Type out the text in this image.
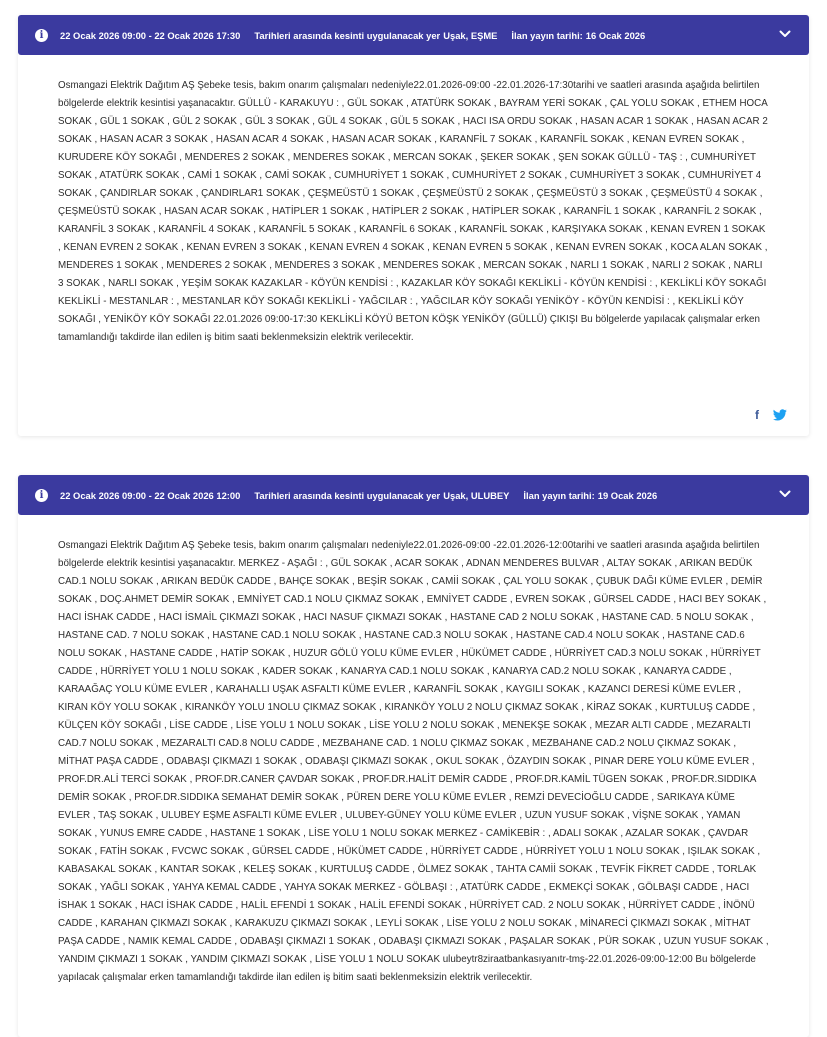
i	22 Ocak 2026 09:00 - 22 Ocak 2026 17:30 Tarihleri arasında kesinti uygulanacak yer Uşak, EŞME İlan yayın tarihi: 16 Ocak 2026
Osmangazi Elektrik Dağıtım AŞ Şebeke tesis, bakım onarım çalışmaları nedeniyle22.01.2026-09:00 -22.01.2026-17:30tarihi ve saatleri arasında aşağıda belirtilen bölgelerde elektrik kesintisi yaşanacaktır. GÜLLÜ - KARAKUYU : , GÜL SOKAK , ATATÜRK SOKAK , BAYRAM YERİ SOKAK , ÇAL YOLU SOKAK , ETHEM HOCA SOKAK , GÜL 1 SOKAK , GÜL 2 SOKAK , GÜL 3 SOKAK , GÜL 4 SOKAK , GÜL 5 SOKAK , HACI ISA ORDU SOKAK , HASAN ACAR 1 SOKAK , HASAN ACAR 2 SOKAK , HASAN ACAR 3 SOKAK , HASAN ACAR 4 SOKAK , HASAN ACAR SOKAK , KARANFİL 7 SOKAK , KARANFİL SOKAK , KENAN EVREN SOKAK , KURUDERE KÖY SOKAĞI , MENDERES 2 SOKAK , MENDERES SOKAK , MERCAN SOKAK , ŞEKER SOKAK , ŞEN SOKAK GÜLLÜ - TAŞ : , CUMHURİYET SOKAK , ATATÜRK SOKAK , CAMİ 1 SOKAK , CAMİ SOKAK , CUMHURİYET 1 SOKAK , CUMHURİYET 2 SOKAK , CUMHURİYET 3 SOKAK , CUMHURİYET 4 SOKAK , ÇANDIRLAR SOKAK , ÇANDIRLAR1 SOKAK , ÇEŞMEÜSTÜ 1 SOKAK , ÇEŞMEÜSTÜ 2 SOKAK , ÇEŞMEÜSTÜ 3 SOKAK , ÇEŞMEÜSTÜ 4 SOKAK , ÇEŞMEÜSTÜ SOKAK , HASAN ACAR SOKAK , HATİPLER 1 SOKAK , HATİPLER 2 SOKAK , HATİPLER SOKAK , KARANFİL 1 SOKAK , KARANFİL 2 SOKAK , KARANFİL 3 SOKAK , KARANFİL 4 SOKAK , KARANFİL 5 SOKAK , KARANFİL 6 SOKAK , KARANFİL SOKAK , KARŞIYAKA SOKAK , KENAN EVREN 1 SOKAK , KENAN EVREN 2 SOKAK , KENAN EVREN 3 SOKAK , KENAN EVREN 4 SOKAK , KENAN EVREN 5 SOKAK , KENAN EVREN SOKAK , KOCA ALAN SOKAK , MENDERES 1 SOKAK , MENDERES 2 SOKAK , MENDERES 3 SOKAK , MENDERES SOKAK , MERCAN SOKAK , NARLI 1 SOKAK , NARLI 2 SOKAK , NARLI 3 SOKAK , NARLI SOKAK , YEŞİM SOKAK KAZAKLAR - KÖYÜN KENDİSİ : , KAZAKLAR KÖY SOKAĞI KEKLİKLİ - KÖYÜN KENDİSİ : , KEKLİKLİ KÖY SOKAĞI KEKLİKLİ - MESTANLAR : , MESTANLAR KÖY SOKAĞI KEKLİKLİ - YAĞCILAR : , YAĞCILAR KÖY SOKAĞI YENİKÖY - KÖYÜN KENDİSİ : , KEKLİKLİ KÖY SOKAĞI , YENİKÖY KÖY SOKAĞI 22.01.2026 09:00-17:30 KEKLİKLİ KÖYÜ BETON KÖŞK YENİKÖY (GÜLLÜ) ÇIKIŞI Bu bölgelerde yapılacak çalışmalar erken tamamlandığı takdirde ilan edilen iş bitim saati beklenmeksizin elektrik verilecektir.
f
i	22 Ocak 2026 09:00 - 22 Ocak 2026 12:00 Tarihleri arasında kesinti uygulanacak yer Uşak, ULUBEY İlan yayın tarihi: 19 Ocak 2026
Osmangazi Elektrik Dağıtım AŞ Şebeke tesis, bakım onarım çalışmaları nedeniyle22.01.2026-09:00 -22.01.2026-12:00tarihi ve saatleri arasında aşağıda belirtilen bölgelerde elektrik kesintisi yaşanacaktır. MERKEZ - AŞAĞI : , GÜL SOKAK , ACAR SOKAK , ADNAN MENDERES BULVAR , ALTAY SOKAK , ARIKAN BEDÜK CAD.1 NOLU SOKAK , ARIKAN BEDÜK CADDE , BAHÇE SOKAK , BEŞİR SOKAK , CAMİİ SOKAK , ÇAL YOLU SOKAK , ÇUBUK DAĞI KÜME EVLER , DEMİR SOKAK , DOÇ.AHMET DEMİR SOKAK , EMNİYET CAD.1 NOLU ÇIKMAZ SOKAK , EMNİYET CADDE , EVREN SOKAK , GÜRSEL CADDE , HACI BEY SOKAK , HACI İSHAK CADDE , HACI İSMAİL ÇIKMAZI SOKAK , HACI NASUF ÇIKMAZI SOKAK , HASTANE CAD 2 NOLU SOKAK , HASTANE CAD. 5 NOLU SOKAK , HASTANE CAD. 7 NOLU SOKAK , HASTANE CAD.1 NOLU SOKAK , HASTANE CAD.3 NOLU SOKAK , HASTANE CAD.4 NOLU SOKAK , HASTANE CAD.6 NOLU SOKAK , HASTANE CADDE , HATİP SOKAK , HUZUR GÖLÜ YOLU KÜME EVLER , HÜKÜMET CADDE , HÜRRİYET CAD.3 NOLU SOKAK , HÜRRİYET CADDE , HÜRRİYET YOLU 1 NOLU SOKAK , KADER SOKAK , KANARYA CAD.1 NOLU SOKAK , KANARYA CAD.2 NOLU SOKAK , KANARYA CADDE , KARAAĞAÇ YOLU KÜME EVLER , KARAHALLI UŞAK ASFALTI KÜME EVLER , KARANFİL SOKAK , KAYGILI SOKAK , KAZANCI DERESİ KÜME EVLER , KIRAN KÖY YOLU SOKAK , KIRANKÖY YOLU 1NOLU ÇIKMAZ SOKAK , KIRANKÖY YOLU 2 NOLU ÇIKMAZ SOKAK , KİRAZ SOKAK , KURTULUŞ CADDE , KÜLÇEN KÖY SOKAĞI , LİSE CADDE , LİSE YOLU 1 NOLU SOKAK , LİSE YOLU 2 NOLU SOKAK , MENEKŞE SOKAK , MEZAR ALTI CADDE , MEZARALTI CAD.7 NOLU SOKAK , MEZARALTI CAD.8 NOLU CADDE , MEZBAHANE CAD. 1 NOLU ÇIKMAZ SOKAK , MEZBAHANE CAD.2 NOLU ÇIKMAZ SOKAK , MİTHAT PAŞA CADDE , ODABAŞI ÇIKMAZI 1 SOKAK , ODABAŞI ÇIKMAZI SOKAK , OKUL SOKAK , ÖZAYDIN SOKAK , PINAR DERE YOLU KÜME EVLER , PROF.DR.ALİ TERCİ SOKAK , PROF.DR.CANER ÇAVDAR SOKAK , PROF.DR.HALİT DEMİR CADDE , PROF.DR.KAMİL TÜGEN SOKAK , PROF.DR.SIDDIKA DEMİR SOKAK , PROF.DR.SIDDIKA SEMAHAT DEMİR SOKAK , PÜREN DERE YOLU KÜME EVLER , REMZİ DEVECİOĞLU CADDE , SARIKAYA KÜME EVLER , TAŞ SOKAK , ULUBEY EŞME ASFALTI KÜME EVLER , ULUBEY-GÜNEY YOLU KÜME EVLER , UZUN YUSUF SOKAK , VİŞNE SOKAK , YAMAN SOKAK , YUNUS EMRE CADDE , HASTANE 1 SOKAK , LİSE YOLU 1 NOLU SOKAK MERKEZ - CAMİKEBİR : , ADALI SOKAK , AZALAR SOKAK , ÇAVDAR SOKAK , FATİH SOKAK , FVCWC SOKAK , GÜRSEL CADDE , HÜKÜMET CADDE , HÜRRİYET CADDE , HÜRRİYET YOLU 1 NOLU SOKAK , IŞILAK SOKAK , KABASAKAL SOKAK , KANTAR SOKAK , KELEŞ SOKAK , KURTULUŞ CADDE , ÖLMEZ SOKAK , TAHTA CAMİİ SOKAK , TEVFİK FİKRET CADDE , TORLAK SOKAK , YAĞLI SOKAK , YAHYA KEMAL CADDE , YAHYA SOKAK MERKEZ - GÖLBAŞI : , ATATÜRK CADDE , EKMEKÇİ SOKAK , GÖLBAŞI CADDE , HACI İSHAK 1 SOKAK , HACI İSHAK CADDE , HALİL EFENDİ 1 SOKAK , HALİL EFENDİ SOKAK , HÜRRİYET CAD. 2 NOLU SOKAK , HÜRRİYET CADDE , İNÖNÜ CADDE , KARAHAN ÇIKMAZI SOKAK , KARAKUZU ÇIKMAZI SOKAK , LEYLİ SOKAK , LİSE YOLU 2 NOLU SOKAK , MİNARECİ ÇIKMAZI SOKAK , MİTHAT PAŞA CADDE , NAMIK KEMAL CADDE , ODABAŞI ÇIKMAZI 1 SOKAK , ODABAŞI ÇIKMAZI SOKAK , PAŞALAR SOKAK , PÜR SOKAK , UZUN YUSUF SOKAK , YANDIM ÇIKMAZI 1 SOKAK , YANDIM ÇIKMAZI SOKAK , LİSE YOLU 1 NOLU SOKAK ulubeytr8ziraatbankasıyanıtr-tmş-22.01.2026-09:00-12:00 Bu bölgelerde yapılacak çalışmalar erken tamamlandığı takdirde ilan edilen iş bitim saati beklenmeksizin elektrik verilecektir.
